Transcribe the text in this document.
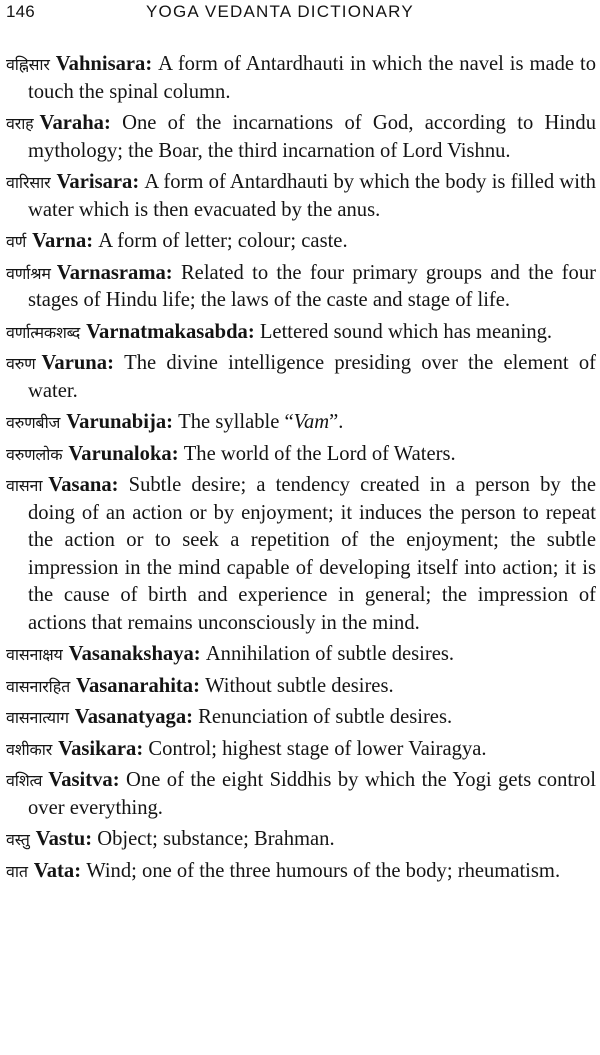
146	YOGA VEDANTA DICTIONARY

वह्निसार Vahnisara: A form of Antardhauti in which the navel is made to touch the spinal column.

वराह Varaha: One of the incarnations of God, according to Hindu mythology; the Boar, the third incarnation of Lord Vishnu.

वारिसार Varisara: A form of Antardhauti by which the body is filled with water which is then evacuated by the anus.

वर्ण Varna: A form of letter; colour; caste.

वर्णाश्रम Varnasrama: Related to the four primary groups and the four stages of Hindu life; the laws of the caste and stage of life.

वर्णात्मकशब्द Varnatmakasabda: Lettered sound which has meaning.

वरुण Varuna: The divine intelligence presiding over the element of water.

वरुणबीज Varunabija: The syllable “Vam”.

वरुणलोक Varunaloka: The world of the Lord of Waters.

वासना Vasana: Subtle desire; a tendency created in a person by the doing of an action or by enjoyment; it induces the person to repeat the action or to seek a repetition of the enjoyment; the subtle impression in the mind capable of developing itself into action; it is the cause of birth and experience in general; the impression of actions that remains unconsciously in the mind.

वासनाक्षय Vasanakshaya: Annihilation of subtle desires.

वासनारहित Vasanarahita: Without subtle desires.

वासनात्याग Vasanatyaga: Renunciation of subtle desires.

वशीकार Vasikara: Control; highest stage of lower Vairagya.

वशित्व Vasitva: One of the eight Siddhis by which the Yogi gets control over everything.

वस्तु Vastu: Object; substance; Brahman.

वात Vata: Wind; one of the three humours of the body; rheumatism.
